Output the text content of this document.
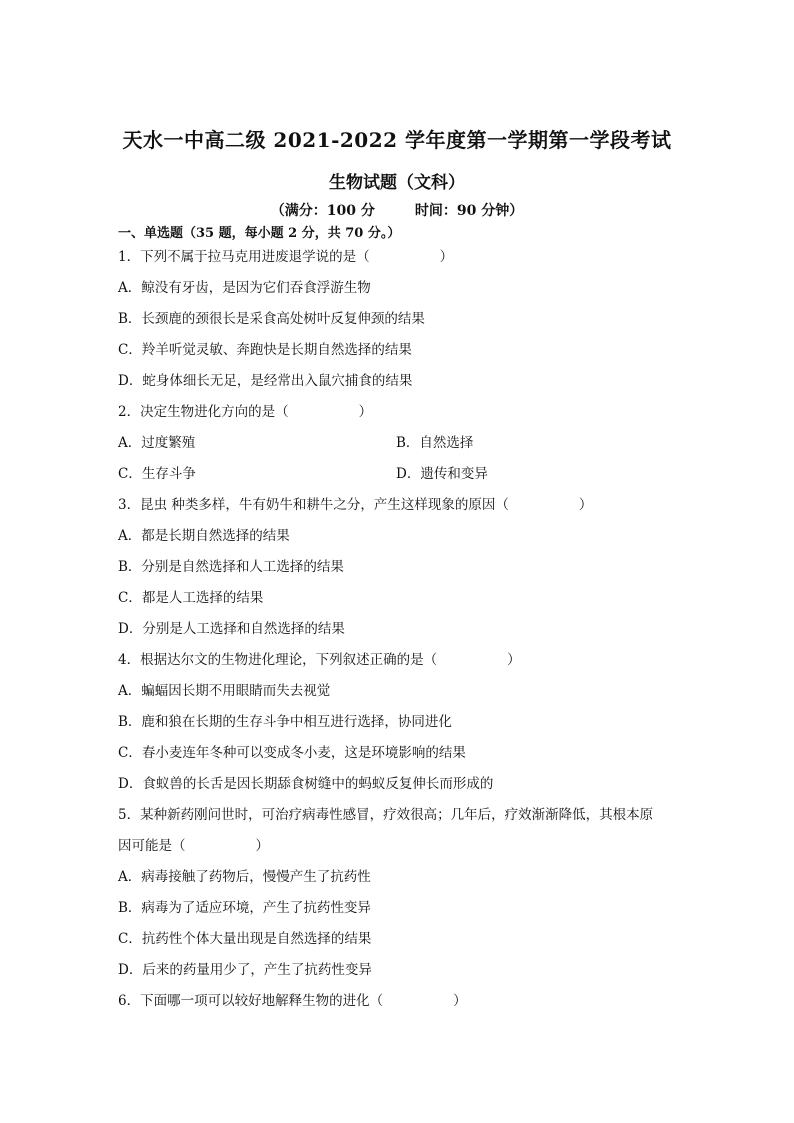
天水一中高二级 2021-2022 学年度第一学期第一学段考试
生物试题（文科）
（满分：100 分	时间：90 分钟）
一、单选题（35 题，每小题 2 分，共 70 分。）
1．下列不属于拉马克用进废退学说的是（	）
A．鲸没有牙齿，是因为它们吞食浮游生物
B．长颈鹿的颈很长是采食高处树叶反复伸颈的结果
C．羚羊听觉灵敏、奔跑快是长期自然选择的结果
D．蛇身体细长无足，是经常出入鼠穴捕食的结果
2．决定生物进化方向的是（	）
A．过度繁殖	B．自然选择
C．生存斗争	D．遗传和变异
3．昆虫 种类多样，牛有奶牛和耕牛之分，产生这样现象的原因（	）
A．都是长期自然选择的结果
B．分别是自然选择和人工选择的结果
C．都是人工选择的结果
D．分别是人工选择和自然选择的结果
4．根据达尔文的生物进化理论，下列叙述正确的是（	）
A．蝙蝠因长期不用眼睛而失去视觉
B．鹿和狼在长期的生存斗争中相互进行选择，协同进化
C．春小麦连年冬种可以变成冬小麦，这是环境影响的结果
D．食蚁兽的长舌是因长期舔食树缝中的蚂蚁反复伸长而形成的
5．某种新药刚问世时，可治疗病毒性感冒，疗效很高；几年后，疗效渐渐降低，其根本原
因可能是（	）
A．病毒接触了药物后，慢慢产生了抗药性
B．病毒为了适应环境，产生了抗药性变异
C．抗药性个体大量出现是自然选择的结果
D．后来的药量用少了，产生了抗药性变异
6．下面哪一项可以较好地解释生物的进化（	）
